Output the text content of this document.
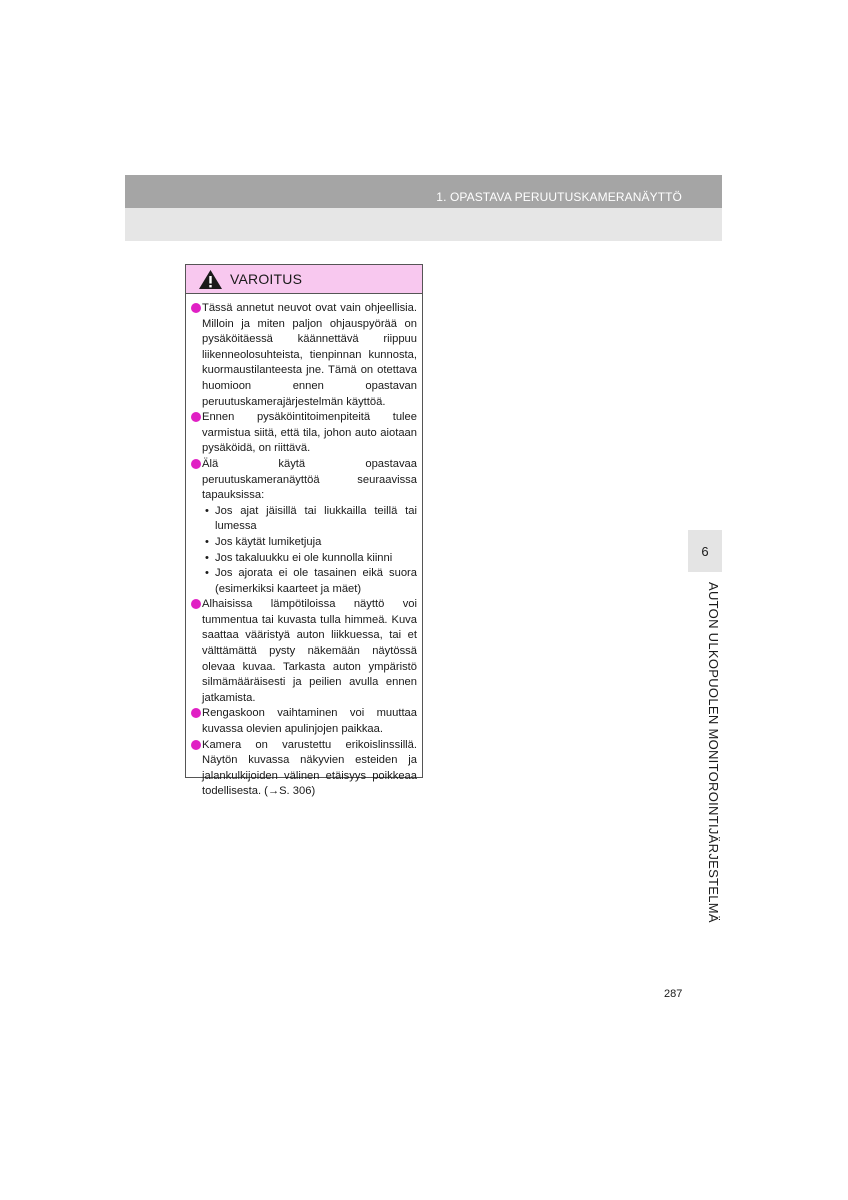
1. OPASTAVA PERUUTUSKAMERANÄYTTÖ
VAROITUS

Tässä annetut neuvot ovat vain ohjeellisia. Milloin ja miten paljon ohjauspyörää on pysäköitäessä käännettävä riippuu liikenneolosuhteista, tienpinnan kunnosta, kuormaustilanteesta jne. Tämä on otettava huomioon ennen opastavan peruutuskamerajärjestelmän käyttöä.

Ennen pysäköintitoimenpiteitä tulee varmistua siitä, että tila, johon auto aiotaan pysäköidä, on riittävä.

Älä käytä opastavaa peruutuskameranäyttöä seuraavissa tapauksissa:

• Jos ajat jäisillä tai liukkailla teillä tai lumessa

• Jos käytät lumiketjuja

• Jos takaluukku ei ole kunnolla kiinni

• Jos ajorata ei ole tasainen eikä suora (esimerkiksi kaarteet ja mäet)

Alhaisissa lämpötiloissa näyttö voi tummentua tai kuvasta tulla himmeä. Kuva saattaa vääristyä auton liikkuessa, tai et välttämättä pysty näkemään näytössä olevaa kuvaa. Tarkasta auton ympäristö silmämääräisesti ja peilien avulla ennen jatkamista.

Rengaskoon vaihtaminen voi muuttaa kuvassa olevien apulinjojen paikkaa.

Kamera on varustettu erikoislinssillä. Näytön kuvassa näkyvien esteiden ja jalankulkijoiden välinen etäisyys poikkeaa todellisesta. (→S. 306)

6
AUTON ULKOPUOLEN MONITOROINTIJÄRJESTELMÄ
287
